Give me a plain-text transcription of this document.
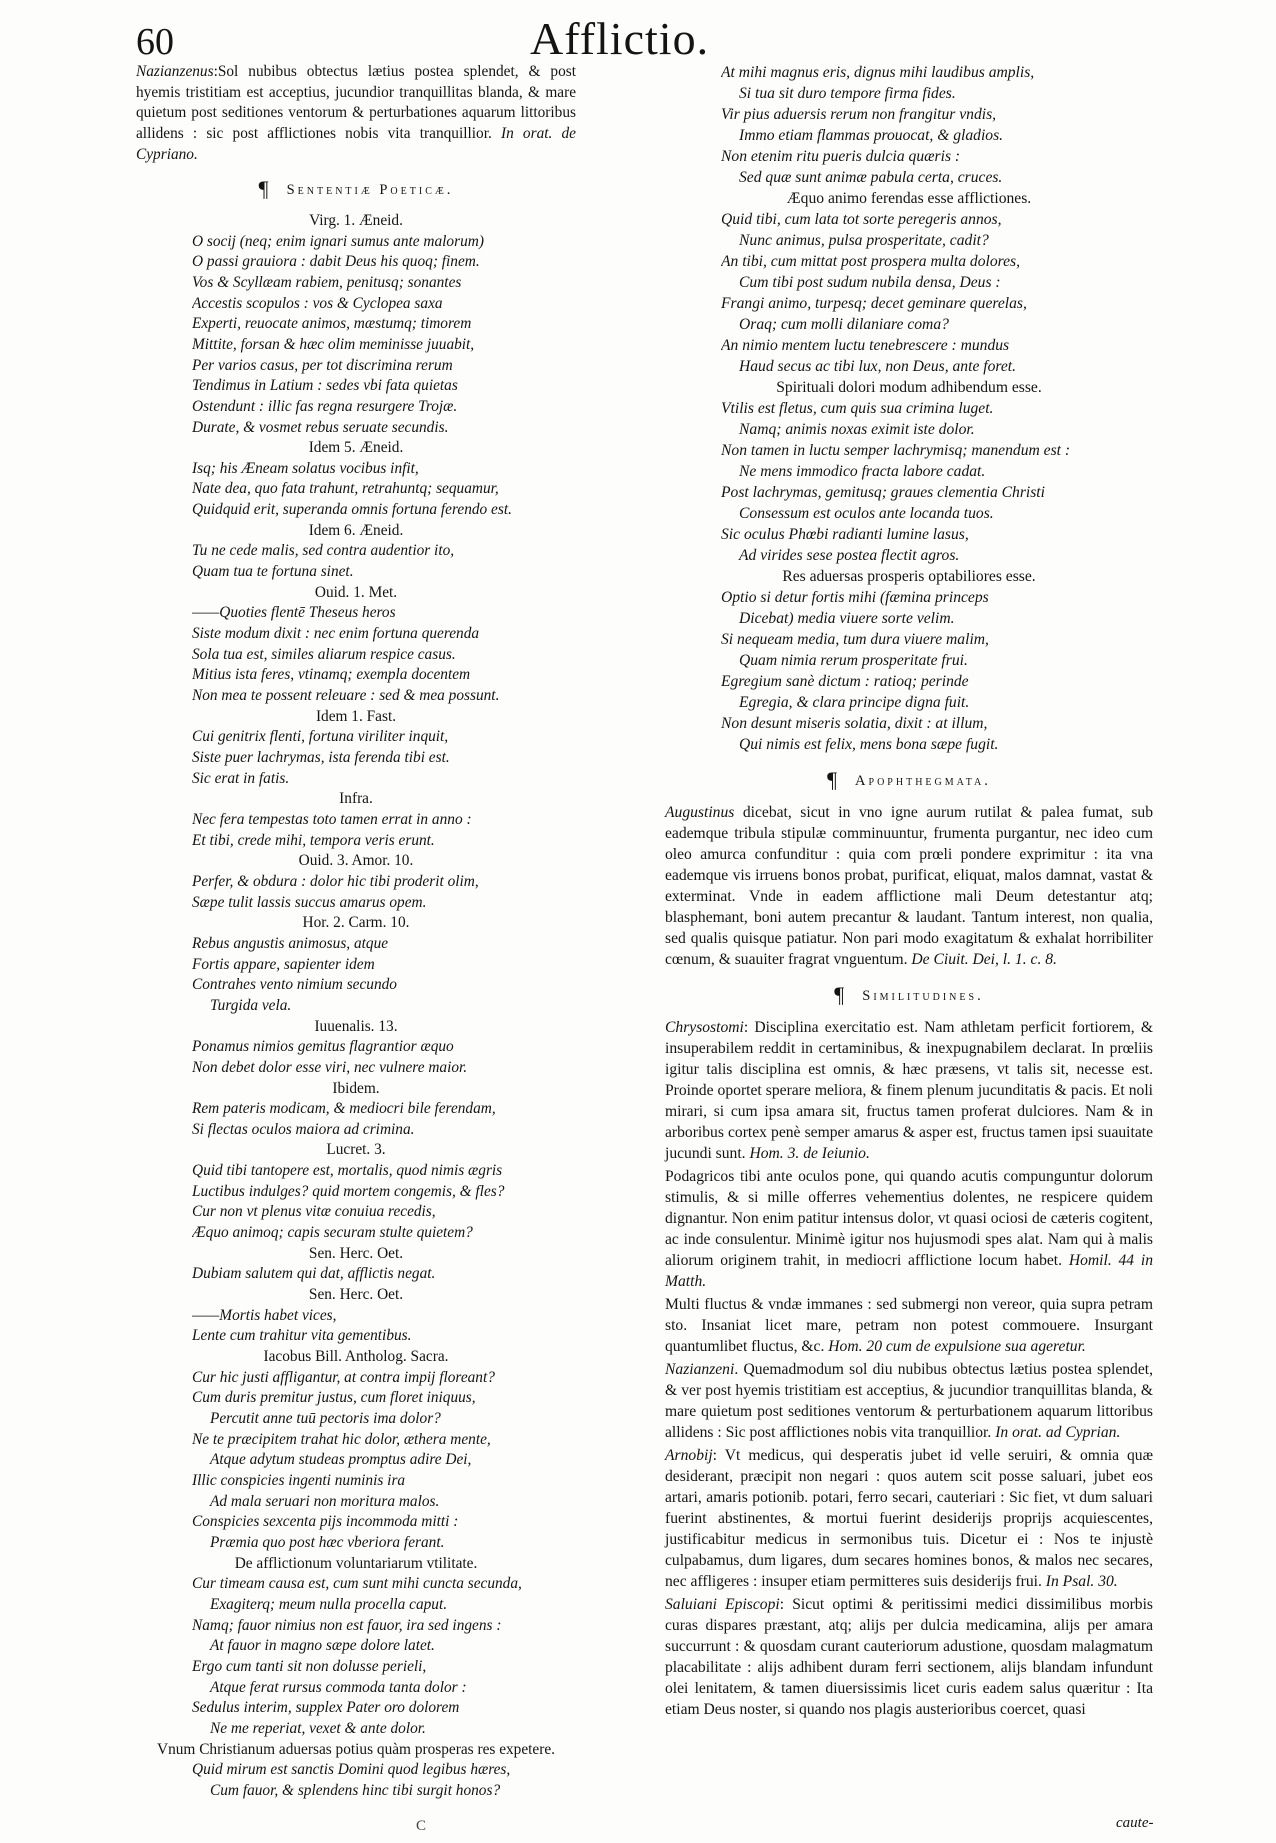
60	Afflictio.

Nazianzenus:Sol nubibus obtectus lætius postea splendet, & post hyemis tristitiam est acceptius, jucundior tranquillitas blanda, & mare quietum post seditiones ventorum & perturbationes aquarum littoribus allidens : sic post afflictiones nobis vita tranquillior. In orat. de Cypriano.

¶ Sententiæ Poeticæ.
Virg. 1. Æneid.
O socij (neq; enim ignari sumus ante malorum)
O passi grauiora : dabit Deus his quoq; finem.
Vos & Scyllæam rabiem, penitusq; sonantes
Accestis scopulos : vos & Cyclopea saxa
Experti, reuocate animos, mæstumq; timorem
Mittite, forsan & hæc olim meminisse juuabit,
Per varios casus, per tot discrimina rerum
Tendimus in Latium : sedes vbi fata quietas
Ostendunt : illic fas regna resurgere Trojæ.
Durate, & vosmet rebus seruate secundis.
Idem 5. Æneid.
Isq; his Æneam solatus vocibus infit,
Nate dea, quo fata trahunt, retrahuntq; sequamur,
Quidquid erit, superanda omnis fortuna ferendo est.
Idem 6. Æneid.
Tu ne cede malis, sed contra audentior ito,
Quam tua te fortuna sinet.
Ouid. 1. Met.
——Quoties flentē Theseus heros
Siste modum dixit : nec enim fortuna querenda
Sola tua est, similes aliarum respice casus.
Mitius ista feres, vtinamq; exempla docentem
Non mea te possent releuare : sed & mea possunt.
Idem 1. Fast.
Cui genitrix flenti, fortuna viriliter inquit,
Siste puer lachrymas, ista ferenda tibi est.
Sic erat in fatis.
Infra.
Nec fera tempestas toto tamen errat in anno :
Et tibi, crede mihi, tempora veris erunt.
Ouid. 3. Amor. 10.
Perfer, & obdura : dolor hic tibi proderit olim,
Sæpe tulit lassis succus amarus opem.
Hor. 2. Carm. 10.
Rebus angustis animosus, atque
Fortis appare, sapienter idem
Contrahes vento nimium secundo
Turgida vela.
Iuuenalis. 13.
Ponamus nimios gemitus flagrantior æquo
Non debet dolor esse viri, nec vulnere maior.
Ibidem.
Rem pateris modicam, & mediocri bile ferendam,
Si flectas oculos maiora ad crimina.
Lucret. 3.
Quid tibi tantopere est, mortalis, quod nimis ægris
Luctibus indulges? quid mortem congemis, & fles?
Cur non vt plenus vitæ conuiua recedis,
Æquo animoq; capis securam stulte quietem?
Sen. Herc. Oet.
Dubiam salutem qui dat, afflictis negat.
Sen. Herc. Oet.
——Mortis habet vices,
Lente cum trahitur vita gementibus.
Iacobus Bill. Antholog. Sacra.
Cur hic justi affligantur, at contra impij floreant?
Cum duris premitur justus, cum floret iniquus,
Percutit anne tuū pectoris ima dolor?
Ne te præcipitem trahat hic dolor, æthera mente,
Atque adytum studeas promptus adire Dei,
Illic conspicies ingenti numinis ira
Ad mala seruari non moritura malos.
Conspicies sexcenta pijs incommoda mitti :
Præmia quo post hæc vberiora ferant.
De afflictionum voluntariarum vtilitate.
Cur timeam causa est, cum sunt mihi cuncta secunda,
Exagiterq; meum nulla procella caput.
Namq; fauor nimius non est fauor, ira sed ingens :
At fauor in magno sæpe dolore latet.
Ergo cum tanti sit non dolusse perieli,
Atque ferat rursus commoda tanta dolor :
Sedulus interim, supplex Pater oro dolorem
Ne me reperiat, vexet & ante dolor.
Vnum Christianum aduersas potius quàm prosperas res expetere.
Quid mirum est sanctis Domini quod legibus hæres,
Cum fauor, & splendens hinc tibi surgit honos?
At mihi magnus eris, dignus mihi laudibus amplis,
Si tua sit duro tempore firma fides.
Vir pius aduersis rerum non frangitur vndis,
Immo etiam flammas prouocat, & gladios.
Non etenim ritu pueris dulcia quæris :
Sed quæ sunt animæ pabula certa, cruces.
Æquo animo ferendas esse afflictiones.
Quid tibi, cum lata tot sorte peregeris annos,
Nunc animus, pulsa prosperitate, cadit?
An tibi, cum mittat post prospera multa dolores,
Cum tibi post sudum nubila densa, Deus :
Frangi animo, turpesq; decet geminare querelas,
Oraq; cum molli dilaniare coma?
An nimio mentem luctu tenebrescere : mundus
Haud secus ac tibi lux, non Deus, ante foret.
Spirituali dolori modum adhibendum esse.
Vtilis est fletus, cum quis sua crimina luget.
Namq; animis noxas eximit iste dolor.
Non tamen in luctu semper lachrymisq; manendum est :
Ne mens immodico fracta labore cadat.
Post lachrymas, gemitusq; graues clementia Christi
Consessum est oculos ante locanda tuos.
Sic oculus Phœbi radianti lumine lasus,
Ad virides sese postea flectit agros.
Res aduersas prosperis optabiliores esse.
Optio si detur fortis mihi (fæmina princeps
Dicebat) media viuere sorte velim.
Si nequeam media, tum dura viuere malim,
Quam nimia rerum prosperitate frui.
Egregium sanè dictum : ratioq; perinde
Egregia, & clara principe digna fuit.
Non desunt miseris solatia, dixit : at illum,
Qui nimis est felix, mens bona sæpe fugit.
¶ Apophthegmata.

Augustinus dicebat, sicut in vno igne aurum rutilat & palea fumat, sub eademque tribula stipulæ comminuuntur, frumenta purgantur, nec ideo cum oleo amurca confunditur : quia com prœli pondere exprimitur : ita vna eademque vis irruens bonos probat, purificat, eliquat, malos damnat, vastat & exterminat. Vnde in eadem afflictione mali Deum detestantur atq; blasphemant, boni autem precantur & laudant. Tantum interest, non qualia, sed qualis quisque patiatur. Non pari modo exagitatum & exhalat horribiliter cœnum, & suauiter fragrat vnguentum. De Ciuit. Dei, l. 1. c. 8.

¶ Similitudines.

Chrysostomi: Disciplina exercitatio est. Nam athletam perficit fortiorem, & insuperabilem reddit in certaminibus, & inexpugnabilem declarat. In prœliis igitur talis disciplina est omnis, & hæc præsens, vt talis sit, necesse est. Proinde oportet sperare meliora, & finem plenum jucunditatis & pacis. Et noli mirari, si cum ipsa amara sit, fructus tamen proferat dulciores. Nam & in arboribus cortex penè semper amarus & asper est, fructus tamen ipsi suauitate jucundi sunt. Hom. 3. de Ieiunio.

Podagricos tibi ante oculos pone, qui quando acutis compunguntur dolorum stimulis, & si mille offerres vehementius dolentes, ne respicere quidem dignantur. Non enim patitur intensus dolor, vt quasi ociosi de cæteris cogitent, ac inde consulentur. Minimè igitur nos hujusmodi spes alat. Nam qui à malis aliorum originem trahit, in mediocri afflictione locum habet. Homil. 44 in Matth.

Multi fluctus & vndæ immanes : sed submergi non vereor, quia supra petram sto. Insaniat licet mare, petram non potest commouere. Insurgant quantumlibet fluctus, &c. Hom. 20 cum de expulsione sua ageretur.

Nazianzeni. Quemadmodum sol diu nubibus obtectus lætius postea splendet, & ver post hyemis tristitiam est acceptius, & jucundior tranquillitas blanda, & mare quietum post seditiones ventorum & perturbationem aquarum littoribus allidens : Sic post afflictiones nobis vita tranquillior. In orat. ad Cyprian.

Arnobij: Vt medicus, qui desperatis jubet id velle seruiri, & omnia quæ desiderant, præcipit non negari : quos autem scit posse saluari, jubet eos artari, amaris potionib. potari, ferro secari, cauteriari : Sic fiet, vt dum saluari fuerint abstinentes, & mortui fuerint desiderijs proprijs acquiescentes, justificabitur medicus in sermonibus tuis. Dicetur ei : Nos te injustè culpabamus, dum ligares, dum secares homines bonos, & malos nec secares, nec affligeres : insuper etiam permitteres suis desiderijs frui. In Psal. 30.

Saluiani Episcopi: Sicut optimi & peritissimi medici dissimilibus morbis curas dispares præstant, atq; alijs per dulcia medicamina, alijs per amara succurrunt : & quosdam curant cauteriorum adustione, quosdam malagmatum placabilitate : alijs adhibent duram ferri sectionem, alijs blandam infundunt olei lenitatem, & tamen diuersissimis licet curis eadem salus quæritur : Ita etiam Deus noster, si quando nos plagis austerioribus coercet, quasi

C	caute-
